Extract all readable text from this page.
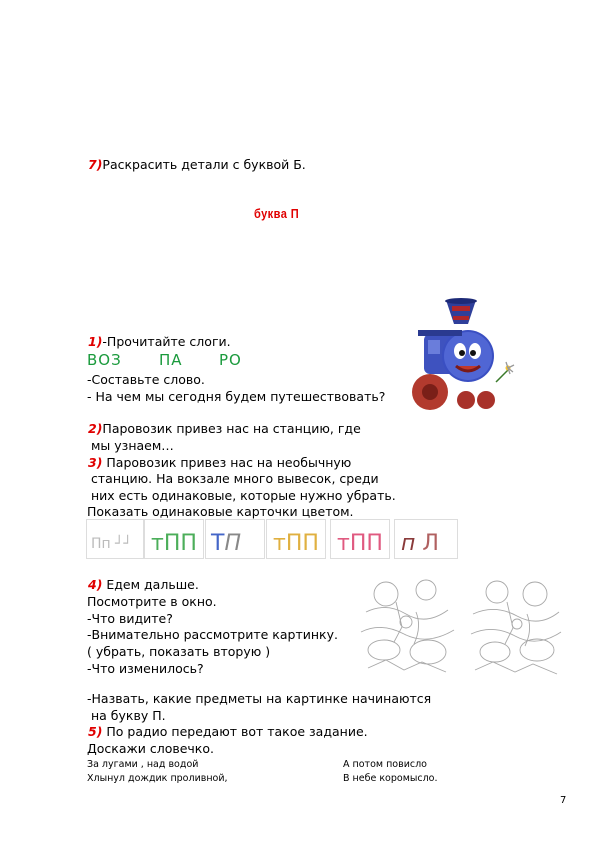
7)Раскрасить детали с буквой Б.
буква П
1)-Прочитайте слоги.
ВОЗ ПА РО
-Составьте слово.
- На чем мы сегодня будем путешествовать?
2)Паровозик привез нас на станцию, где
мы узнаем…
3) Паровозик привез нас на необычную
станцию. На вокзале много вывесок, среди
них есть одинаковые, которые нужно убрать.
Показать одинаковые карточки цветом.
Пп ┘┘ тПП ТП тПП тПП п Л
4) Едем дальше.
Посмотрите в окно.
-Что видите?
-Внимательно рассмотрите картинку.
( убрать, показать вторую )
-Что изменилось?
-Назвать, какие предметы на картинке начинаются
на букву П.
5) По радио передают вот такое задание.
Доскажи словечко.
За лугами , над водой
Хлынул дождик проливной,
А потом повисло
В небе коромысло.
7
